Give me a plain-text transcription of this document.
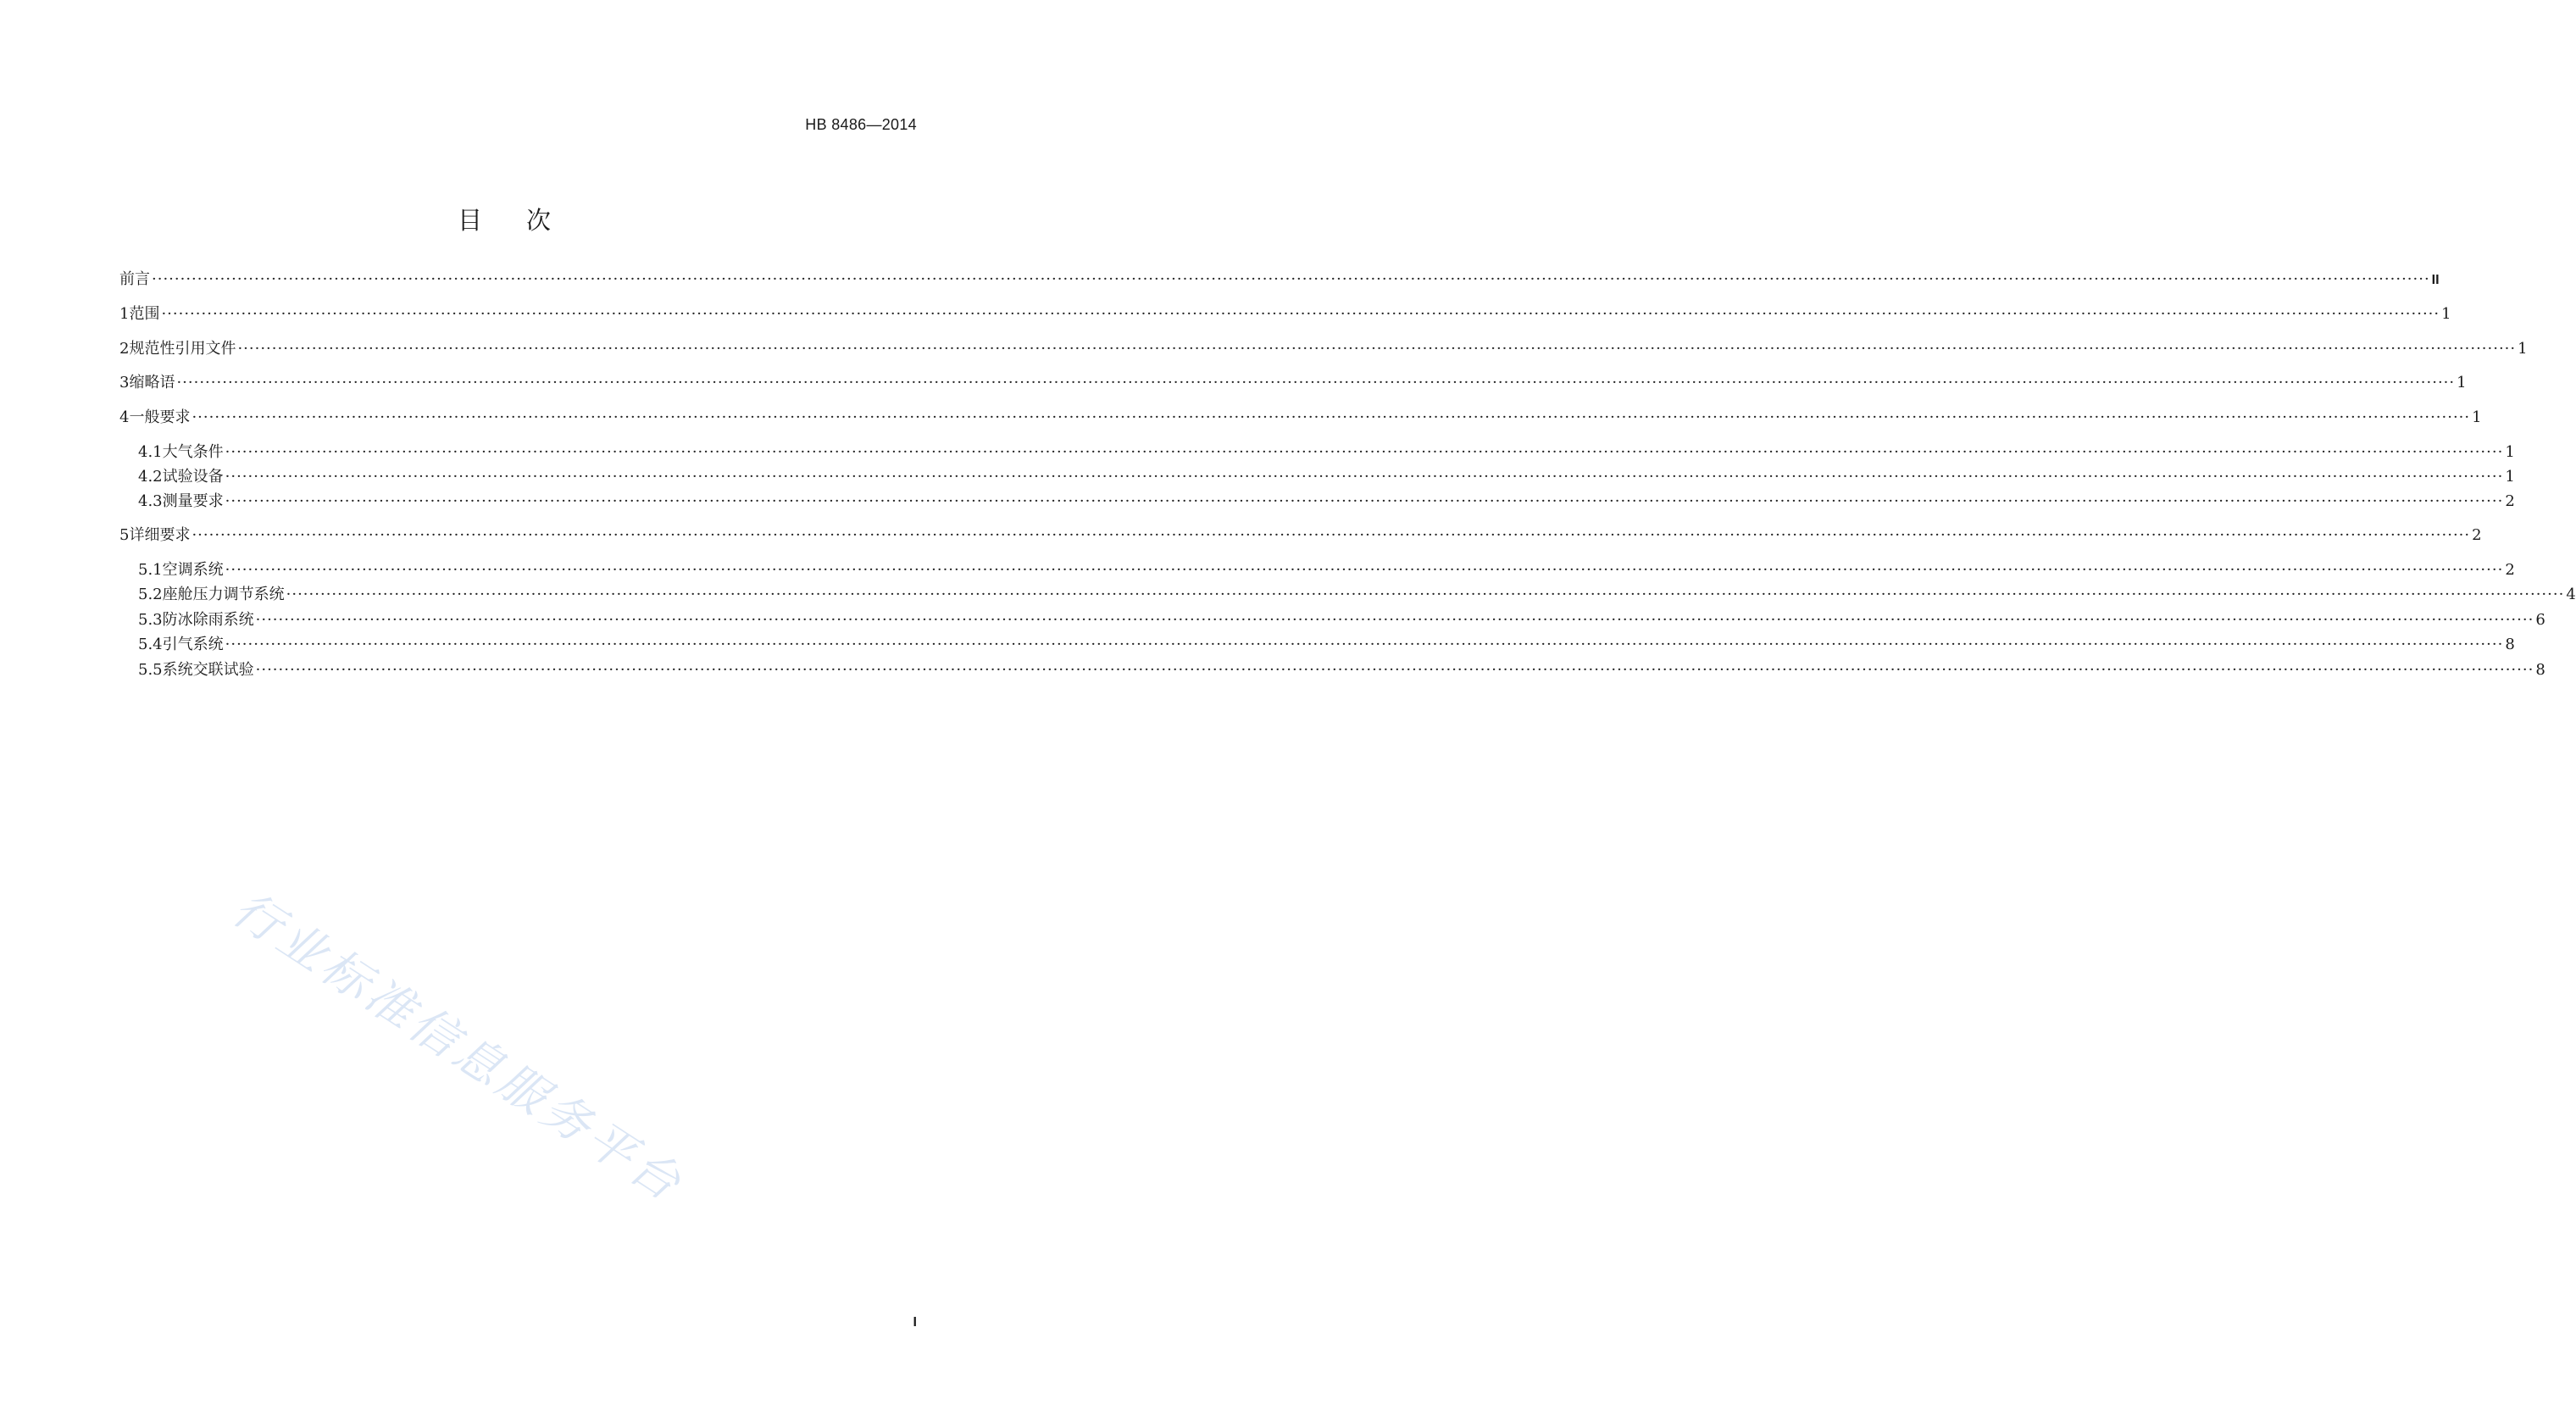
HB 8486—2014
目次
前言 ················································································································································································································································································································································································································ II
1 范围 ················································································································································································································································································································································································································ 1
2 规范性引用文件 ················································································································································································································································································································································································································ 1
3 缩略语 ················································································································································································································································································································································································································ 1
4 一般要求 ················································································································································································································································································································································································································ 1
4.1 大气条件 ················································································································································································································································································································································································································ 1
4.2 试验设备 ················································································································································································································································································································································································································ 1
4.3 测量要求 ················································································································································································································································································································································································································ 2
5 详细要求 ················································································································································································································································································································································································································ 2
5.1 空调系统 ················································································································································································································································································································································································································ 2
5.2 座舱压力调节系统 ················································································································································································································································································································································································································ 4
5.3 防冰除雨系统 ················································································································································································································································································································································································································ 6
5.4 引气系统 ················································································································································································································································································································································································································ 8
5.5 系统交联试验 ················································································································································································································································································································································································································ 8
行业标准信息服务平台
I
